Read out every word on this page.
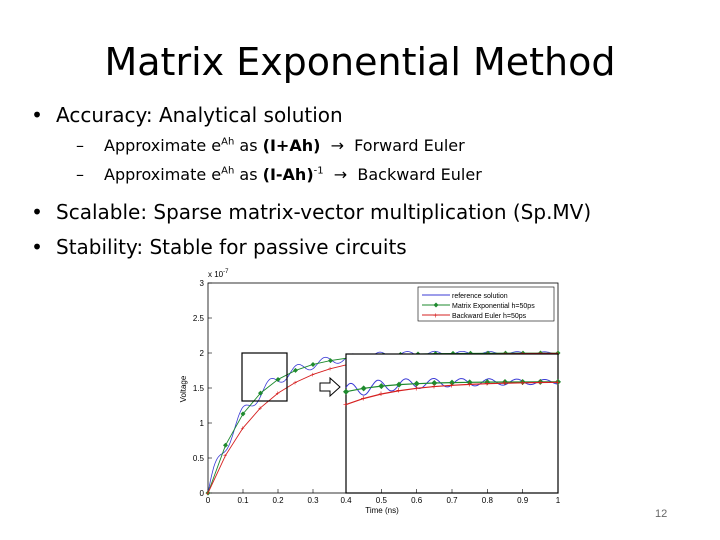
Matrix Exponential Method
• Accuracy: Analytical solution
– Approximate $e^{Ah}$ as (I+Ah) → Forward Euler
– Approximate $e^{Ah}$ as $(I-Ah)^{-1}$ → Backward Euler
• Scalable: Sparse matrix-vector multiplication (Sp.MV)
• Stability: Stable for passive circuits
x $10^{-7}$
Voltage
Time (ns)
0
0.5
1
1.5
2
2.5
3
0	0.1	0.2	0.3
+
+
+
+
+
+
+
+
+
+ + + + + + + + + + + +
0.4	0.5	0.6	0.7	0.8	0.9	1
reference solution
Matrix Exponential h=50ps
+ Backward Euler h=50ps
12
